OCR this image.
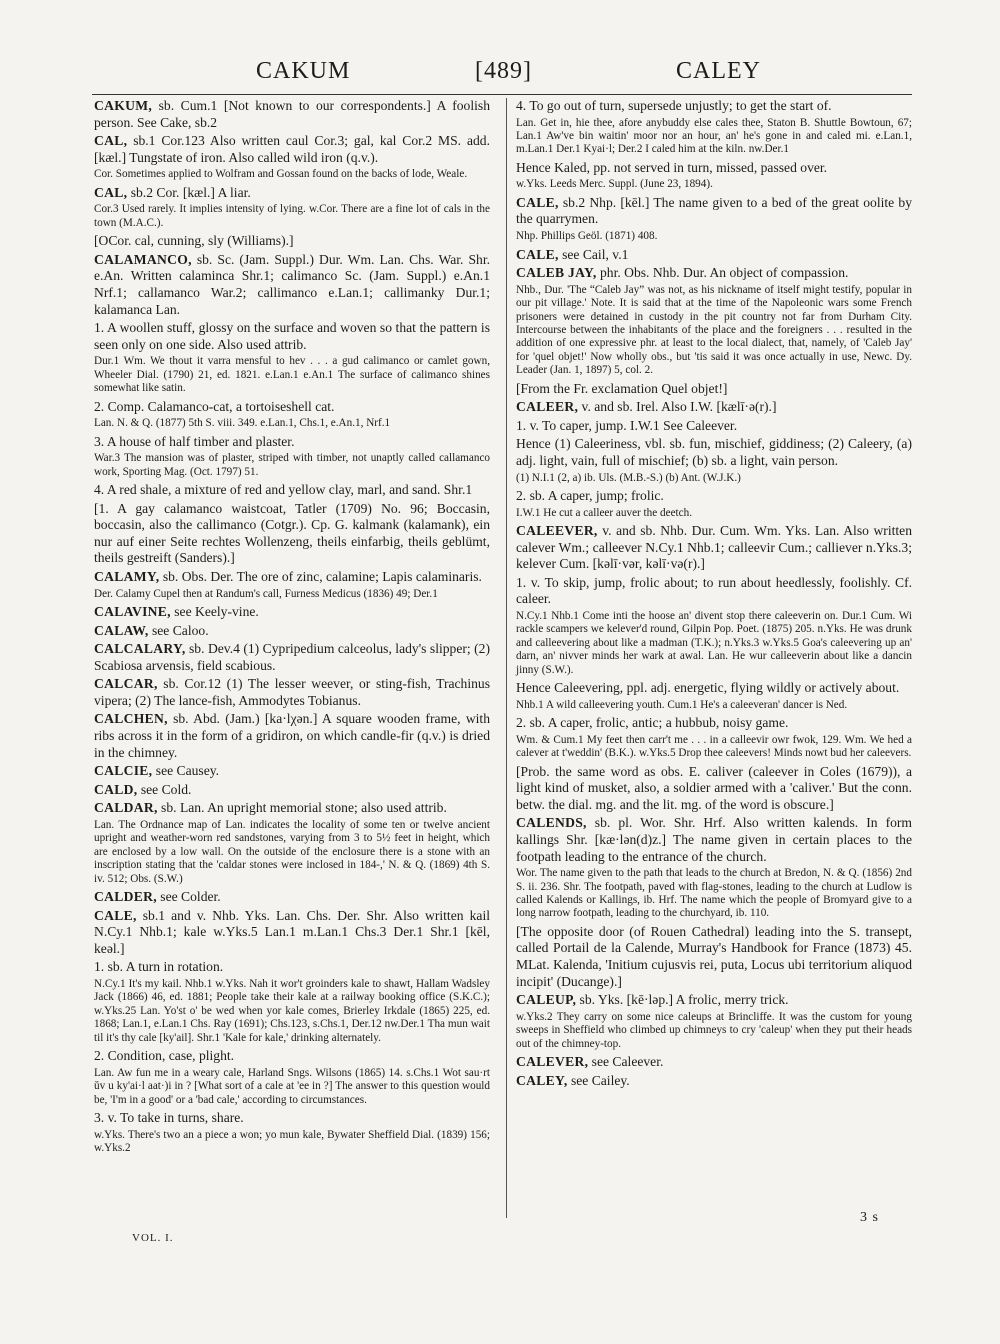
CAKUM	[489]	CALEY

CAKUM, sb. Cum.1 [Not known to our correspondents.] A foolish person. See Cake, sb.2

CAL, sb.1 Cor.123 Also written caul Cor.3; gal, kal Cor.2 MS. add. [kæl.] Tungstate of iron. Also called wild iron (q.v.).

Cor. Sometimes applied to Wolfram and Gossan found on the backs of lode, Weale.

CAL, sb.2 Cor. [kæl.] A liar.

Cor.3 Used rarely. It implies intensity of lying. w.Cor. There are a fine lot of cals in the town (M.A.C.).

[OCor. cal, cunning, sly (Williams).]

CALAMANCO, sb. Sc. (Jam. Suppl.) Dur. Wm. Lan. Chs. War. Shr. e.An. Written calaminca Shr.1; calimanco Sc. (Jam. Suppl.) e.An.1 Nrf.1; callamanco War.2; callimanco e.Lan.1; callimanky Dur.1; kalamanca Lan.

1. A woollen stuff, glossy on the surface and woven so that the pattern is seen only on one side. Also used attrib.

Dur.1 Wm. We thout it varra mensful to hev . . . a gud calimanco or camlet gown, Wheeler Dial. (1790) 21, ed. 1821. e.Lan.1 e.An.1 The surface of calimanco shines somewhat like satin.

2. Comp. Calamanco-cat, a tortoiseshell cat.

Lan. N. & Q. (1877) 5th S. viii. 349. e.Lan.1, Chs.1, e.An.1, Nrf.1

3. A house of half timber and plaster.

War.3 The mansion was of plaster, striped with timber, not unaptly called callamanco work, Sporting Mag. (Oct. 1797) 51.

4. A red shale, a mixture of red and yellow clay, marl, and sand. Shr.1

[1. A gay calamanco waistcoat, Tatler (1709) No. 96; Boccasin, boccasin, also the callimanco (Cotgr.). Cp. G. kalmank (kalamank), ein nur auf einer Seite rechtes Wollenzeng, theils einfarbig, theils geblümt, theils gestreift (Sanders).]

CALAMY, sb. Obs. Der. The ore of zinc, calamine; Lapis calaminaris.

Der. Calamy Cupel then at Randum's call, Furness Medicus (1836) 49; Der.1

CALAVINE, see Keely-vine.

CALAW, see Caloo.

CALCALARY, sb. Dev.4 (1) Cypripedium calceolus, lady's slipper; (2) Scabiosa arvensis, field scabious.

CALCAR, sb. Cor.12 (1) The lesser weever, or sting-fish, Trachinus vipera; (2) The lance-fish, Ammodytes Tobianus.

CALCHEN, sb. Abd. (Jam.) [ka·lχən.] A square wooden frame, with ribs across it in the form of a gridiron, on which candle-fir (q.v.) is dried in the chimney.

CALCIE, see Causey.

CALD, see Cold.

CALDAR, sb. Lan. An upright memorial stone; also used attrib.

Lan. The Ordnance map of Lan. indicates the locality of some ten or twelve ancient upright and weather-worn red sandstones, varying from 3 to 5½ feet in height, which are enclosed by a low wall. On the outside of the enclosure there is a stone with an inscription stating that the 'caldar stones were inclosed in 184-,' N. & Q. (1869) 4th S. iv. 512; Obs. (S.W.)

CALDER, see Colder.

CALE, sb.1 and v. Nhb. Yks. Lan. Chs. Der. Shr. Also written kail N.Cy.1 Nhb.1; kale w.Yks.5 Lan.1 m.Lan.1 Chs.3 Der.1 Shr.1 [kēl, keəl.]

1. sb. A turn in rotation.

N.Cy.1 It's my kail. Nhb.1 w.Yks. Nah it wor't groinders kale to shawt, Hallam Wadsley Jack (1866) 46, ed. 1881; People take their kale at a railway booking office (S.K.C.); w.Yks.25 Lan. Yo'st o' be wed when yor kale comes, Brierley Irkdale (1865) 225, ed. 1868; Lan.1, e.Lan.1 Chs. Ray (1691); Chs.123, s.Chs.1, Der.12 nw.Der.1 Tha mun wait til it's thy cale [ky'ail]. Shr.1 'Kale for kale,' drinking alternately.

2. Condition, case, plight.

Lan. Aw fun me in a weary cale, Harland Sngs. Wilsons (1865) 14. s.Chs.1 Wot sau·rt ŭv u ky'ai·l aat·)i in ? [What sort of a cale at 'ee in ?] The answer to this question would be, 'I'm in a good' or a 'bad cale,' according to circumstances.

3. v. To take in turns, share.

w.Yks. There's two an a piece a won; yo mun kale, Bywater Sheffield Dial. (1839) 156; w.Yks.2

4. To go out of turn, supersede unjustly; to get the start of.

Lan. Get in, hie thee, afore anybuddy else cales thee, Staton B. Shuttle Bowtoun, 67; Lan.1 Aw've bin waitin' moor nor an hour, an' he's gone in and caled mi. e.Lan.1, m.Lan.1 Der.1 Kyai·l; Der.2 I caled him at the kiln. nw.Der.1

Hence Kaled, pp. not served in turn, missed, passed over.

w.Yks. Leeds Merc. Suppl. (June 23, 1894).

CALE, sb.2 Nhp. [kēl.] The name given to a bed of the great oolite by the quarrymen.

Nhp. Phillips Geöl. (1871) 408.

CALE, see Cail, v.1

CALEB JAY, phr. Obs. Nhb. Dur. An object of compassion.

Nhb., Dur. 'The “Caleb Jay” was not, as his nickname of itself might testify, popular in our pit village.' Note. It is said that at the time of the Napoleonic wars some French prisoners were detained in custody in the pit country not far from Durham City. Intercourse between the inhabitants of the place and the foreigners . . . resulted in the addition of one expressive phr. at least to the local dialect, that, namely, of 'Caleb Jay' for 'quel objet!' Now wholly obs., but 'tis said it was once actually in use, Newc. Dy. Leader (Jan. 1, 1897) 5, col. 2.

[From the Fr. exclamation Quel objet!]

CALEER, v. and sb. Irel. Also I.W. [kælī·ə(r).]

1. v. To caper, jump. I.W.1 See Caleever.

Hence (1) Caleeriness, vbl. sb. fun, mischief, giddiness; (2) Caleery, (a) adj. light, vain, full of mischief; (b) sb. a light, vain person.

(1) N.I.1 (2, a) ib. Uls. (M.B.-S.) (b) Ant. (W.J.K.)

2. sb. A caper, jump; frolic.

I.W.1 He cut a calleer auver the deetch.

CALEEVER, v. and sb. Nhb. Dur. Cum. Wm. Yks. Lan. Also written calever Wm.; calleever N.Cy.1 Nhb.1; calleevir Cum.; calliever n.Yks.3; kelever Cum. [kəlī·vər, kəlī·və(r).]

1. v. To skip, jump, frolic about; to run about heedlessly, foolishly. Cf. caleer.

N.Cy.1 Nhb.1 Come inti the hoose an' divent stop there caleeverin on. Dur.1 Cum. Wi rackle scampers we kelever'd round, Gilpin Pop. Poet. (1875) 205. n.Yks. He was drunk and calleevering about like a madman (T.K.); n.Yks.3 w.Yks.5 Goa's caleevering up an' darn, an' nivver minds her wark at awal. Lan. He wur calleeverin about like a dancin jinny (S.W.).

Hence Caleevering, ppl. adj. energetic, flying wildly or actively about.

Nhb.1 A wild calleevering youth. Cum.1 He's a caleeveran' dancer is Ned.

2. sb. A caper, frolic, antic; a hubbub, noisy game.

Wm. & Cum.1 My feet then carr't me . . . in a calleevir owr fwok, 129. Wm. We hed a calever at t'weddin' (B.K.). w.Yks.5 Drop thee caleevers! Minds nowt bud her caleevers.

[Prob. the same word as obs. E. caliver (caleever in Coles (1679)), a light kind of musket, also, a soldier armed with a 'caliver.' But the conn. betw. the dial. mg. and the lit. mg. of the word is obscure.]

CALENDS, sb. pl. Wor. Shr. Hrf. Also written kalends. In form kallings Shr. [kæ·lən(d)z.] The name given in certain places to the footpath leading to the entrance of the church.

Wor. The name given to the path that leads to the church at Bredon, N. & Q. (1856) 2nd S. ii. 236. Shr. The footpath, paved with flag-stones, leading to the church at Ludlow is called Kalends or Kallings, ib. Hrf. The name which the people of Bromyard give to a long narrow footpath, leading to the churchyard, ib. 110.

[The opposite door (of Rouen Cathedral) leading into the S. transept, called Portail de la Calende, Murray's Handbook for France (1873) 45. MLat. Kalenda, 'Initium cujusvis rei, puta, Locus ubi territorium aliquod incipit' (Ducange).]

CALEUP, sb. Yks. [kē·ləp.] A frolic, merry trick.

w.Yks.2 They carry on some nice caleups at Brincliffe. It was the custom for young sweeps in Sheffield who climbed up chimneys to cry 'caleup' when they put their heads out of the chimney-top.

CALEVER, see Caleever.

CALEY, see Cailey.

VOL. I.
3 s
